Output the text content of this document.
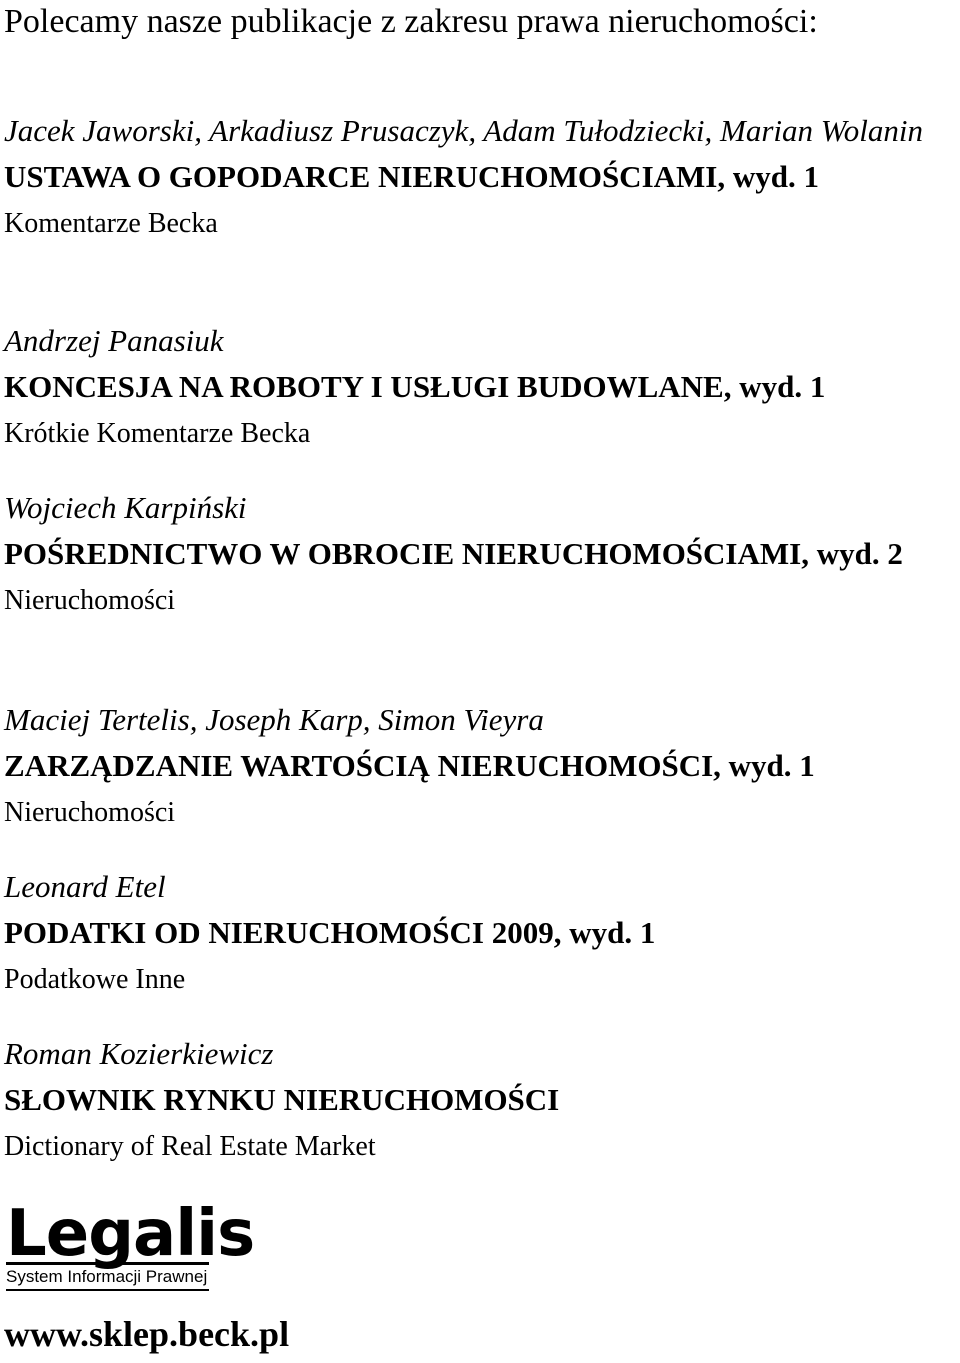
Polecamy nasze publikacje z zakresu prawa nieruchomości:
Jacek Jaworski, Arkadiusz Prusaczyk, Adam Tułodziecki, Marian Wolanin
USTAWA O GOPODARCE NIERUCHOMOŚCIAMI, wyd. 1
Komentarze Becka
Andrzej Panasiuk
KONCESJA NA ROBOTY I USŁUGI BUDOWLANE, wyd. 1
Krótkie Komentarze Becka
Wojciech Karpiński
POŚREDNICTWO W OBROCIE NIERUCHOMOŚCIAMI, wyd. 2
Nieruchomości
Maciej Tertelis, Joseph Karp, Simon Vieyra
ZARZĄDZANIE WARTOŚCIĄ NIERUCHOMOŚCI, wyd. 1
Nieruchomości
Leonard Etel
PODATKI OD NIERUCHOMOŚCI 2009, wyd. 1
Podatkowe Inne
Roman Kozierkiewicz
SŁOWNIK RYNKU NIERUCHOMOŚCI
Dictionary of Real Estate Market
Legalis
System Informacji Prawnej
www.sklep.beck.pl
